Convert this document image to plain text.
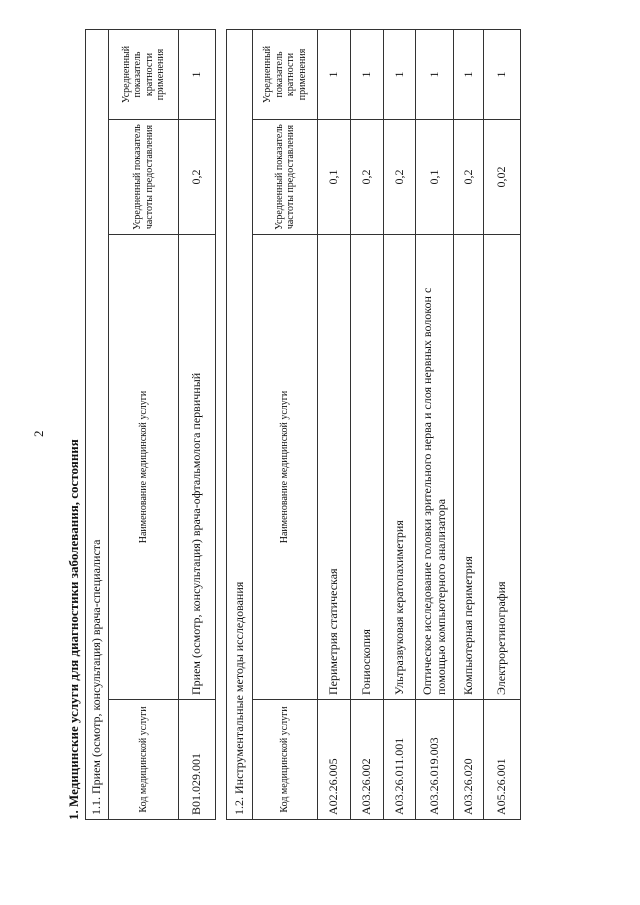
2
1. Медицинские услуги для диагностики заболевания, состояния 1.1. Прием (осмотр, консультация) врача-специалиста			
Код медицинской услуги	Наименование медицинской услуги	Усредненный показатель частоты предоставления	Усредненный показатель кратности применения
B01.029.001	Прием (осмотр, консультация) врача-офтальмолога первичный	0,2	1
1.2. Инструментальные методы исследования			
Код медицинской услуги	Наименование медицинской услуги	Усредненный показатель частоты предоставления	Усредненный показатель кратности применения
A02.26.005	Периметрия статическая	0,1	1
A03.26.002	Гониоскопия	0,2	1
A03.26.011.001	Ультразвуковая кератопахиметрия	0,2	1
A03.26.019.003	Оптическое исследование головки зрительного нерва и слоя нервных волокон с помощью компьютерного анализатора	0,1	1
A03.26.020	Компьютерная периметрия	0,2	1
A05.26.001	Электроретинография	0,02	1
